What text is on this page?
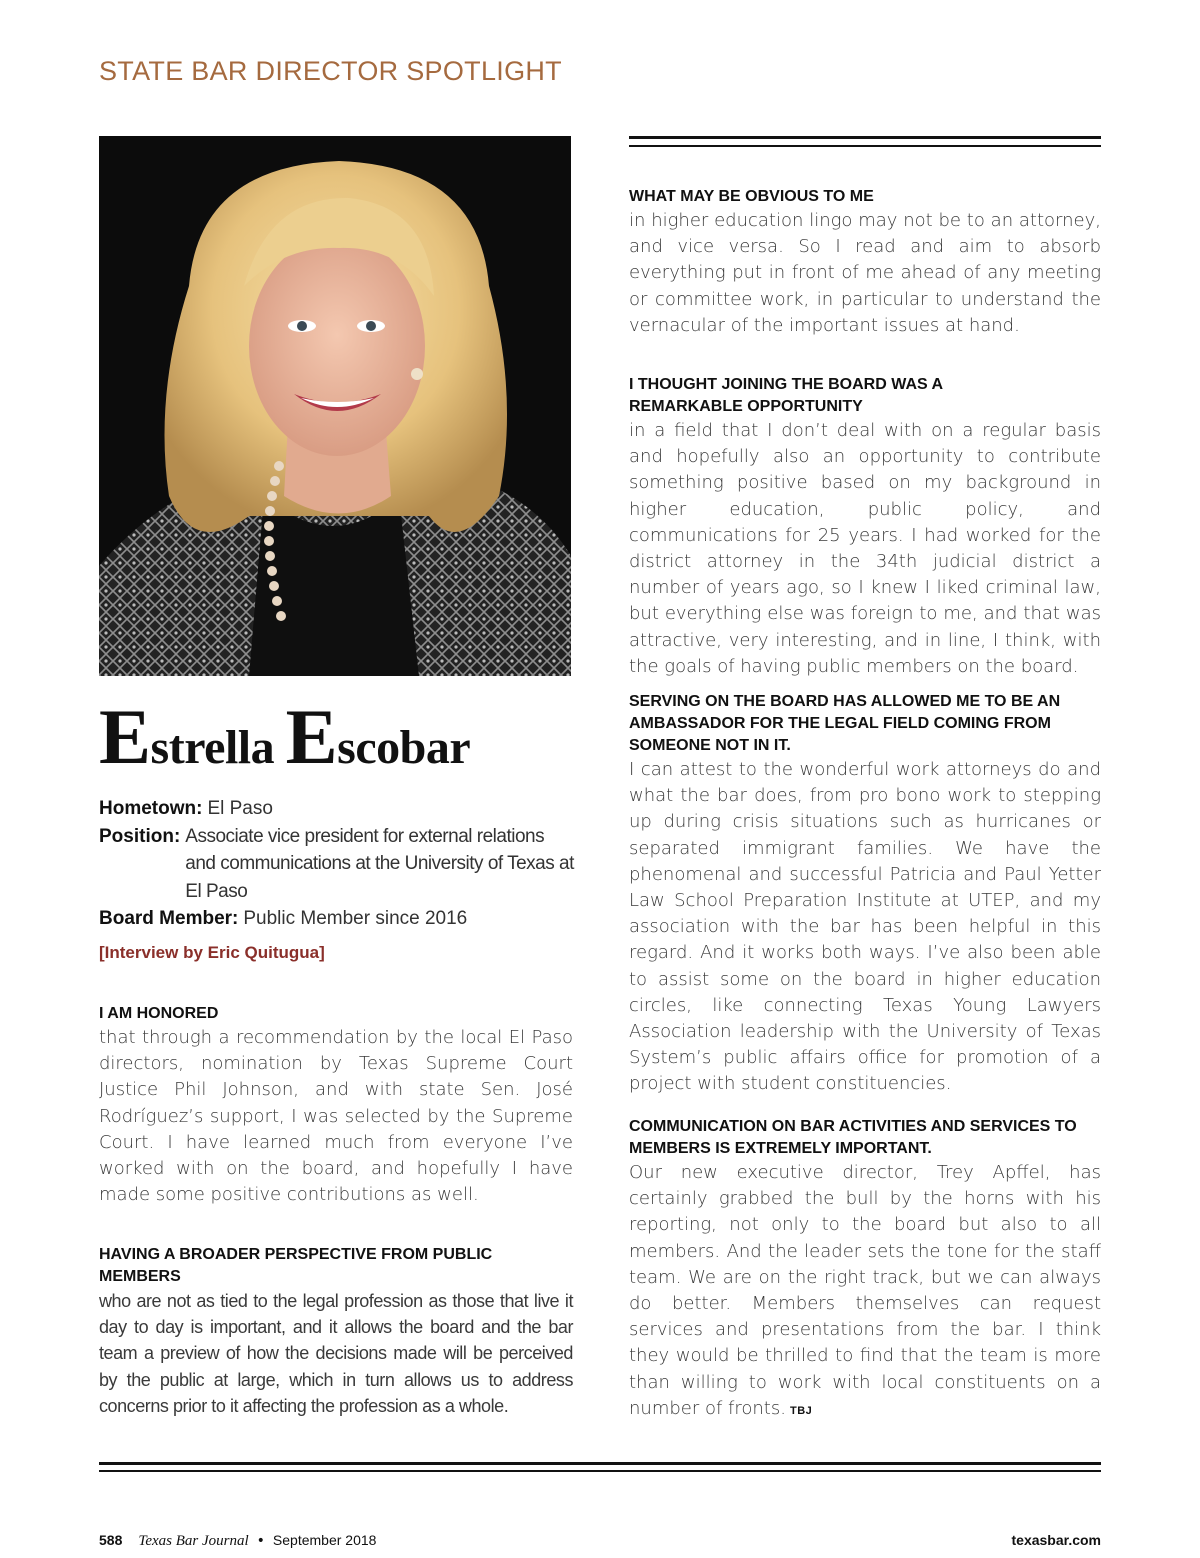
STATE BAR DIRECTOR SPOTLIGHT
Estrella Escobar
Hometown: El Paso
Position: Associate vice president for external relations and communications at the University of Texas at El Paso
Board Member: Public Member since 2016
[Interview by Eric Quitugua]
I AM HONORED
that through a recommendation by the local El Paso directors, nomination by Texas Supreme Court Justice Phil Johnson, and with state Sen. José Rodríguez’s support, I was selected by the Supreme Court. I have learned much from everyone I’ve worked with on the board, and hopefully I have made some positive contributions as well.
HAVING A BROADER PERSPECTIVE FROM PUBLIC MEMBERS
who are not as tied to the legal profession as those that live it day to day is important, and it allows the board and the bar team a preview of how the decisions made will be perceived by the public at large, which in turn allows us to address concerns prior to it affecting the profession as a whole.
WHAT MAY BE OBVIOUS TO ME
in higher education lingo may not be to an attorney, and vice versa. So I read and aim to absorb everything put in front of me ahead of any meeting or committee work, in particular to understand the vernacular of the important issues at hand.
I THOUGHT JOINING THE BOARD WAS A REMARKABLE OPPORTUNITY
in a field that I don’t deal with on a regular basis and hopefully also an opportunity to contribute something positive based on my background in higher education, public policy, and communications for 25 years. I had worked for the district attorney in the 34th judicial district a number of years ago, so I knew I liked criminal law, but everything else was foreign to me, and that was attractive, very interesting, and in line, I think, with the goals of having public members on the board.
SERVING ON THE BOARD HAS ALLOWED ME TO BE AN AMBASSADOR FOR THE LEGAL FIELD COMING FROM SOMEONE NOT IN IT.
I can attest to the wonderful work attorneys do and what the bar does, from pro bono work to stepping up during crisis situations such as hurricanes or separated immigrant families. We have the phenomenal and successful Patricia and Paul Yetter Law School Preparation Institute at UTEP, and my association with the bar has been helpful in this regard. And it works both ways. I’ve also been able to assist some on the board in higher education circles, like connecting Texas Young Lawyers Association leadership with the University of Texas System’s public affairs office for promotion of a project with student constituencies.
COMMUNICATION ON BAR ACTIVITIES AND SERVICES TO MEMBERS IS EXTREMELY IMPORTANT.
Our new executive director, Trey Apffel, has certainly grabbed the bull by the horns with his reporting, not only to the board but also to all members. And the leader sets the tone for the staff team. We are on the right track, but we can always do better. Members themselves can request services and presentations from the bar. I think they would be thrilled to find that the team is more than willing to work with local constituents on a number of fronts. TBJ
588 Texas Bar Journal • September 2018	texasbar.com
